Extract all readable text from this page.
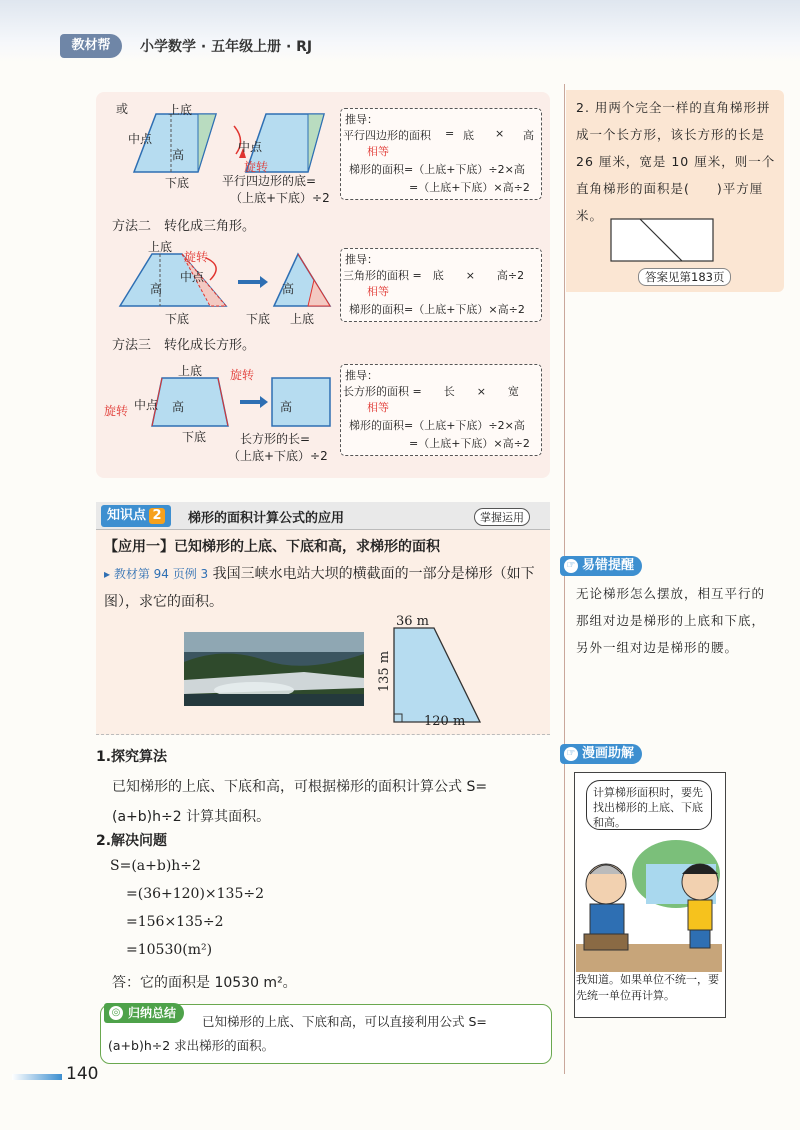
教材帮	小学数学 · 五年级上册 · RJ
或	上底
中点
高
下底
中点
旋转
平行四边形的底=
（上底+下底）÷2
推导：
平行四边形的面积 = 底 × 高
相等
梯形的面积=（上底+下底）÷2×高
=（上底+下底）×高÷2
方法二　转化成三角形。
上底
旋转
中点
高
下底
高
下底 上底
推导：
三角形的面积 =　底　　×　　高÷2
相等
梯形的面积=（上底+下底）×高÷2
方法三　转化成长方形。
上底
旋转 中点 高
下底
旋转
高
长方形的长=
（上底+下底）÷2
推导：
长方形的面积 =　　长　　×　　宽
相等
梯形的面积=（上底+下底）÷2×高
=（上底+下底）×高÷2
2. 用两个完全一样的直角梯形拼成一个长方形，该长方形的长是 26 厘米，宽是 10 厘米，则一个直角梯形的面积是(　　)平方厘米。
答案见第183页
知识点 2	梯形的面积计算公式的应用	掌握运用
【应用一】已知梯形的上底、下底和高，求梯形的面积
▸ 教材第 94 页例 3 我国三峡水电站大坝的横截面的一部分是梯形（如下图），求它的面积。
36 m
135 m
120 m
1.探究算法
已知梯形的上底、下底和高，可根据梯形的面积计算公式 S=(a+b)h÷2 计算其面积。
2.解决问题
S=(a+b)h÷2
=(36+120)×135÷2
=156×135÷2
=10530(m²)
答：它的面积是 10530 m²。
◎ 归纳总结
已知梯形的上底、下底和高，可以直接利用公式 S=(a+b)h÷2 求出梯形的面积。
☞ 易错提醒
无论梯形怎么摆放，相互平行的那组对边是梯形的上底和下底，另外一组对边是梯形的腰。
☞ 漫画助解
计算梯形面积时，要先找出梯形的上底、下底和高。
我知道。如果单位不统一，要先统一单位再计算。
140
